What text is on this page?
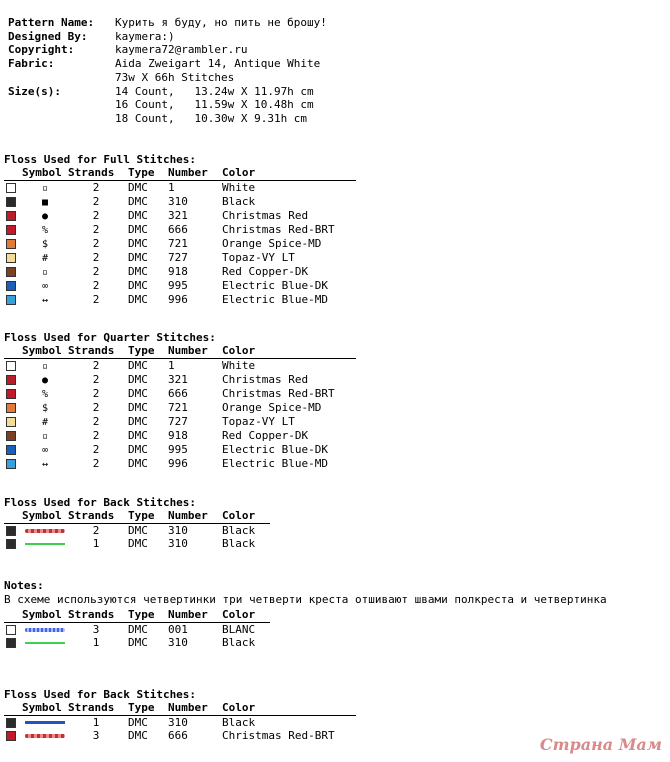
Pattern Name: Курить я буду, но пить не брошу!
Designed By:	kaymera:)
Copyright:	kaymera72@rambler.ru
Fabric:	Aida Zweigart 14, Antique White
73w X 66h Stitches
Size(s):	14 Count,   13.24w X 11.97h cm
16 Count,   11.59w X 10.48h cm
18 Count,   10.30w X 9.31h cm
Floss Used for Full Stitches:
	Symbol	Strands	Type	Number	Color
	▫	2	DMC	1	White
	■	2	DMC	310	Black
	●	2	DMC	321	Christmas Red
	%	2	DMC	666	Christmas Red-BRT
	$	2	DMC	721	Orange Spice-MD
	#	2	DMC	727	Topaz-VY LT
	▫	2	DMC	918	Red Copper-DK
	∞	2	DMC	995	Electric Blue-DK
	↔	2	DMC	996	Electric Blue-MD
Floss Used for Quarter Stitches:
	Symbol	Strands	Type	Number	Color
	▫	2	DMC	1	White
	●	2	DMC	321	Christmas Red
	%	2	DMC	666	Christmas Red-BRT
	$	2	DMC	721	Orange Spice-MD
	#	2	DMC	727	Topaz-VY LT
	▫	2	DMC	918	Red Copper-DK
	∞	2	DMC	995	Electric Blue-DK
	↔	2	DMC	996	Electric Blue-MD
Floss Used for Back Stitches:
	Symbol	Strands	Type	Number	Color
		2	DMC	310	Black
		1	DMC	310	Black
Notes:
В схеме используются четвертинки три четверти креста отшивают швами полкреста и четвертинка
	Symbol	Strands	Type	Number	Color
		3	DMC	001	BLANC
		1	DMC	310	Black
Floss Used for Back Stitches:
	Symbol	Strands	Type	Number	Color
		1	DMC	310	Black
		3	DMC	666	Christmas Red-BRT	Страна Мам
